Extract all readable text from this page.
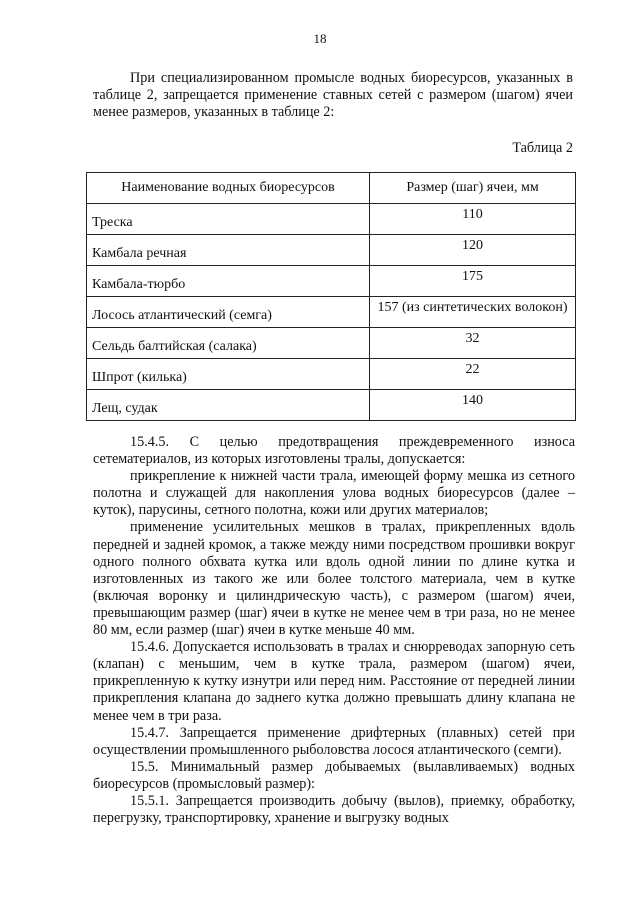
18

При специализированном промысле водных биоресурсов, указанных в таблице 2, запрещается применение ставных сетей с размером (шагом) ячеи менее размеров, указанных в таблице 2:

Таблица 2
Наименование водных биоресурсов	Размер (шаг) ячеи, мм
Треска	110
Камбала речная	120
Камбала-тюрбо	175
Лосось атлантический (семга)	157 (из синтетических волокон)
Сельдь балтийская (салака)	32
Шпрот (килька)	22
Лещ, судак	140

15.4.5. С целью предотвращения преждевременного износа сетематериалов, из которых изготовлены тралы, допускается:

прикрепление к нижней части трала, имеющей форму мешка из сетного полотна и служащей для накопления улова водных биоресурсов (далее – куток), парусины, сетного полотна, кожи или других материалов;

применение усилительных мешков в тралах, прикрепленных вдоль передней и задней кромок, а также между ними посредством прошивки вокруг одного полного обхвата кутка или вдоль одной линии по длине кутка и изготовленных из такого же или более толстого материала, чем в кутке (включая воронку и цилиндрическую часть), с размером (шагом) ячеи, превышающим размер (шаг) ячеи в кутке не менее чем в три раза, но не менее 80 мм, если размер (шаг) ячеи в кутке меньше 40 мм.

15.4.6. Допускается использовать в тралах и снюрреводах запорную сеть (клапан) с меньшим, чем в кутке трала, размером (шагом) ячеи, прикрепленную к кутку изнутри или перед ним. Расстояние от передней линии прикрепления клапана до заднего кутка должно превышать длину клапана не менее чем в три раза.

15.4.7. Запрещается применение дрифтерных (плавных) сетей при осуществлении промышленного рыболовства лосося атлантического (семги).

15.5. Минимальный размер добываемых (вылавливаемых) водных биоресурсов (промысловый размер):

15.5.1. Запрещается производить добычу (вылов), приемку, обработку, перегрузку, транспортировку, хранение и выгрузку водных
